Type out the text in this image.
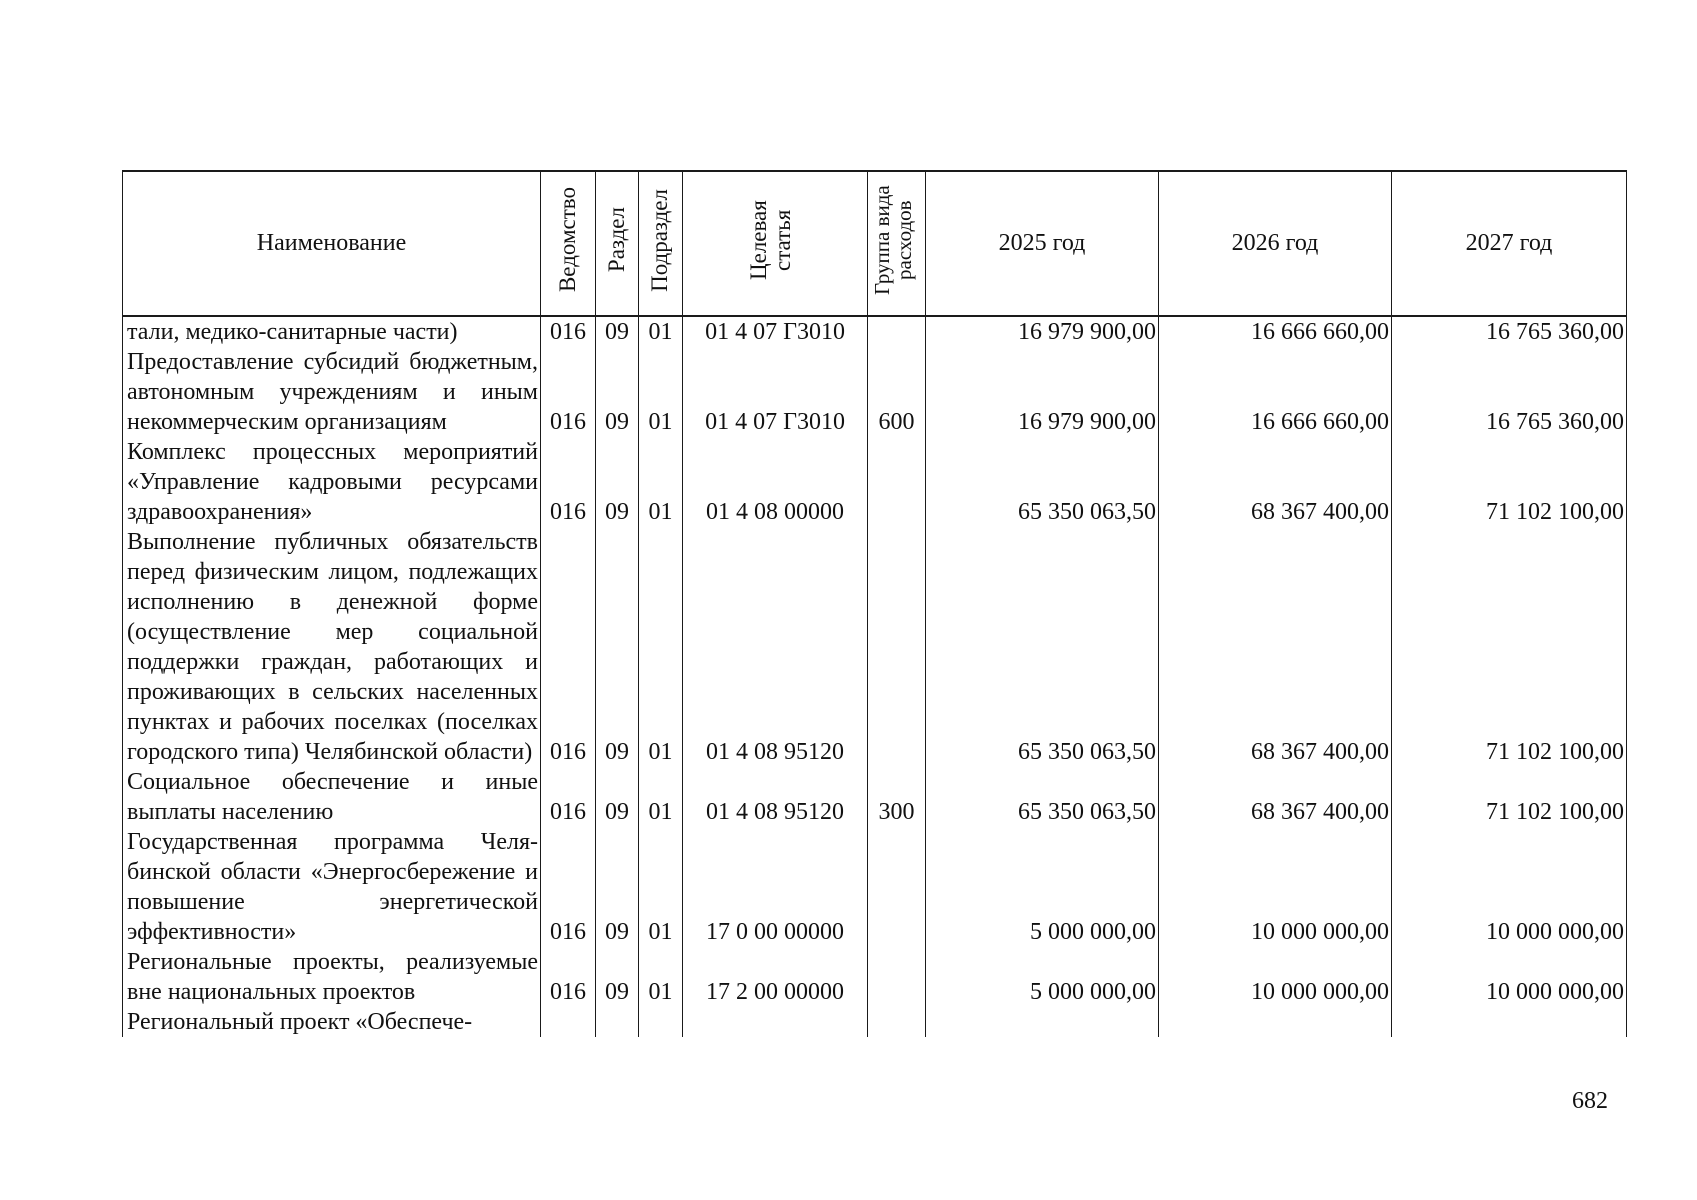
Наименование	Ведомство	Раздел	Подраздел	Целевая статья	Группа вида расходов	2025 год	2026 год	2027 год
тали, медико-санитарные части)	016	09	01	01 4 07 Г3010		16 979 900,00	16 666 660,00	16 765 360,00
Предоставление субсидий бюджетным, автономным учреждениям и иным некоммерческим организациям	016	09	01	01 4 07 Г3010	600	16 979 900,00	16 666 660,00	16 765 360,00
Комплекс процессных мероприятий «Управление кадровыми ресурсами здравоохранения»	016	09	01	01 4 08 00000		65 350 063,50	68 367 400,00	71 102 100,00
Выполнение публичных обязательств перед физическим лицом, подлежащих исполнению в денежной форме (осуществление мер социальной поддержки граждан, работающих и проживающих в сельских населенных пунктах и рабочих поселках (поселках городского типа) Челябинской области)	016	09	01	01 4 08 95120		65 350 063,50	68 367 400,00	71 102 100,00
Социальное обеспечение и иные выплаты населению	016	09	01	01 4 08 95120	300	65 350 063,50	68 367 400,00	71 102 100,00
Государственная программа Челябинской области «Энергосбережение и повышение энергетической эффективности»	016	09	01	17 0 00 00000		5 000 000,00	10 000 000,00	10 000 000,00
Региональные проекты, реализуемые вне национальных проектов	016	09	01	17 2 00 00000		5 000 000,00	10 000 000,00	10 000 000,00
Региональный проект «Обеспече-								
682
